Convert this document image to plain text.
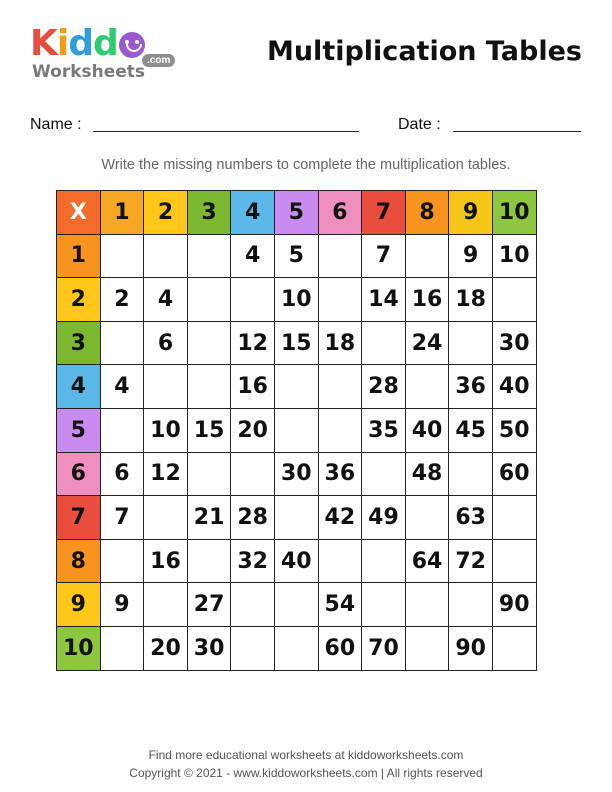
Kidd	.com
Worksheets
Multiplication Tables
Name :	Date :
Write the missing numbers to complete the multiplication tables.
X	1	2	3	4	5	6	7	8	9	10
1				4	5		7		9	10
2	2	4			10		14	16	18	
3		6		12	15	18		24		30
4	4			16			28		36	40
5		10	15	20			35	40	45	50
6	6	12			30	36		48		60
7	7		21	28		42	49		63	
8		16		32	40			64	72	
9	9		27			54				90
10		20	30			60	70		90	
Find more educational worksheets at kiddoworksheets.com
Copyright © 2021 - www.kiddoworksheets.com | All rights reserved
